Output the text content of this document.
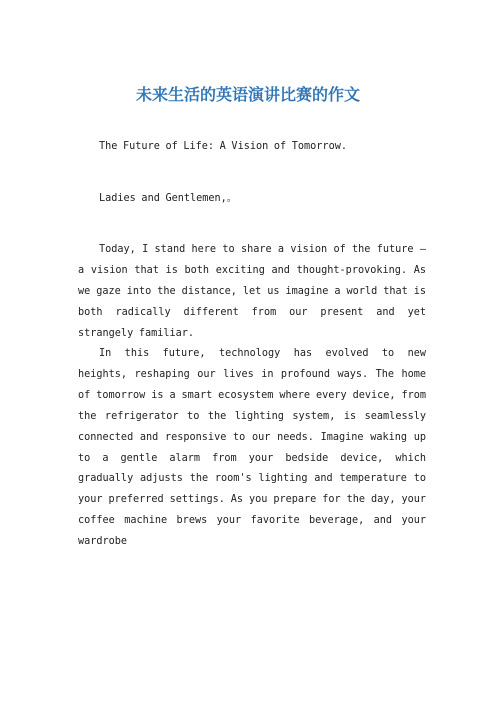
未来生活的英语演讲比赛的作文

The Future of Life: A Vision of Tomorrow.

Ladies and Gentlemen,。

Today, I stand here to share a vision of the future – a vision that is both exciting and thought-provoking. As we gaze into the distance, let us imagine a world that is both radically different from our present and yet strangely familiar.

In this future, technology has evolved to new heights, reshaping our lives in profound ways. The home of tomorrow is a smart ecosystem where every device, from the refrigerator to the lighting system, is seamlessly connected and responsive to our needs. Imagine waking up to a gentle alarm from your bedside device, which gradually adjusts the room's lighting and temperature to your preferred settings. As you prepare for the day, your coffee machine brews your favorite beverage, and your wardrobe
